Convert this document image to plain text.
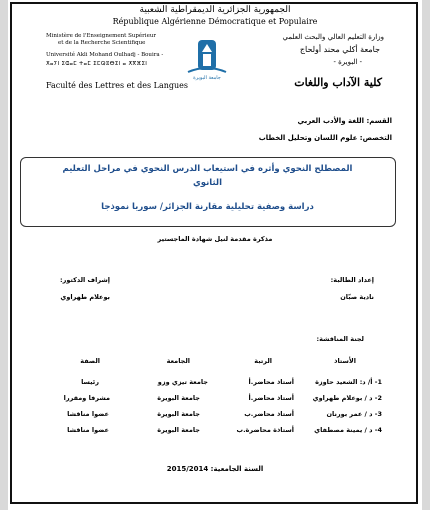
الجمهورية الجزائرية الديمقراطية الشعبية
République Algérienne Démocratique et Populaire
Ministère de l'Enseignement Supérieur
et de la Recherche Scientifique
Université Akli Mohand Oulhadj - Bouira -
ⵅⴰⵢⵏ ⵉⵛⴰⵎ ⵜⴰⵎ ⵉⵎⵕⵓⴱⵉⵏ ⴰ ⵅⴳⴼⵉⵏ
Faculté des Lettres et des Langues
جامعة البويرة
وزارة التعليم العالي والبحث العلمي
جامعة أكلي محند أولحاج
- البويرة -
كلية الآداب واللغات
القسم: اللغة والأدب العربي
التخصص: علوم اللسان وتحليل الخطاب
المصطلح النحوي وأثره في استيعاب الدرس النحوي في مراحل التعليم
الثانوي
دراسة وصفية تحليلية مقارنة الجزائر/ سوريا نموذجا
مذكرة مقدمة لنيل شهادة الماجستير
إعداد الطالبة:
نادية صبّان
إشراف الدكتور:
بوعلام طهراوي
لجنة المناقشة:
الأستاذ
الرتبة
الجامعة
الصفة
1- أ/ د: الشعيد حاوزة
أستاذ محاضر.أ
جامعة تيزي وزو
رئيسا
2- د / بوعلام طهراوي
أستاذ محاضر.أ
جامعة البويرة
مشرفا ومقررا
3- د / عمر بورنان
أستاذ محاضر.ب
جامعة البويرة
عضوا مناقشا
4- د / يمينة مصطفاي
أستاذة محاضرة.ب
جامعة البويرة
عضوا مناقشا
السنة الجامعية: 2015/2014
